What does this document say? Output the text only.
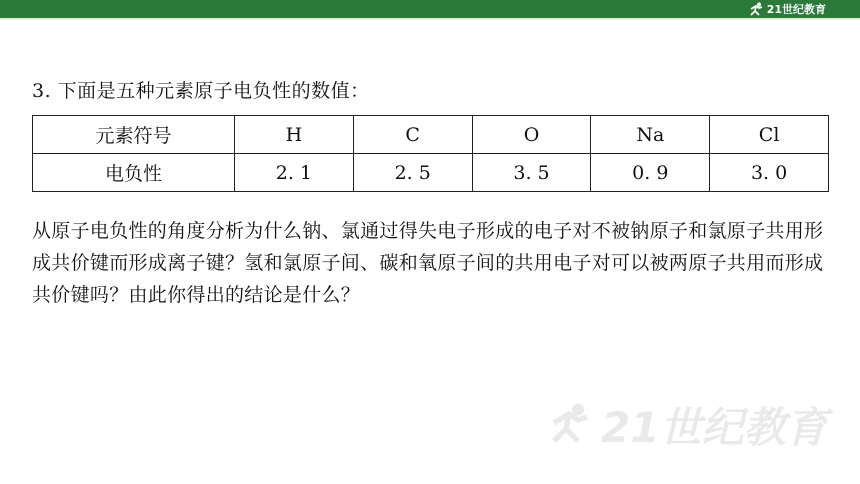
21世纪教育
3. 下面是五种元素原子电负性的数值：
元素符号	H	C	O	Na	Cl
电负性	2. 1	2. 5	3. 5	0. 9	3. 0
从原子电负性的角度分析为什么钠、氯通过得失电子形成的电子对不被钠原子和氯原子共用形成共价键而形成离子键？氢和氯原子间、碳和氧原子间的共用电子对可以被两原子共用而形成共价键吗？由此你得出的结论是什么？
21世纪教育
